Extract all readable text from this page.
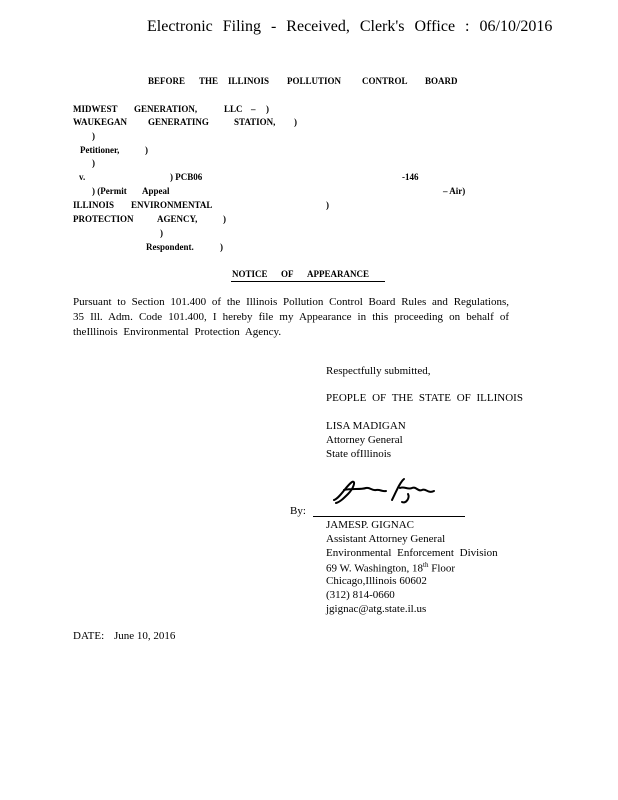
Electronic Filing - Received, Clerk's Office : 06/10/2016
BEFORE THE ILLINOIS POLLUTION CONTROL BOARD
MIDWEST GENERATION,	LLC – )
WAUKEGAN GENERATING	STATION, )
)
Petitioner,	)
)
v.	) PCB06	-146
) (Permit Appeal	– Air)
ILLINOIS ENVIRONMENTAL	)
PROTECTION	AGENCY,	)
)
Respondent.	)
NOTICE OF APPEARANCE
Pursuant to Section 101.400 of the Illinois Pollution Control Board Rules and Regulations, 35 Ill. Adm. Code 101.400, I hereby file my Appearance in this proceeding on behalf of theIllinois Environmental Protection Agency.
Respectfully submitted,
PEOPLE OF THE STATE OF ILLINOIS
LISA MADIGAN
Attorney General
State ofIllinois
By:
JAMESP. GIGNAC
Assistant Attorney General
Environmental Enforcement Division
69 W. Washington, 18th Floor
Chicago,Illinois 60602
(312) 814-0660
jgignac@atg.state.il.us
DATE: June 10, 2016
